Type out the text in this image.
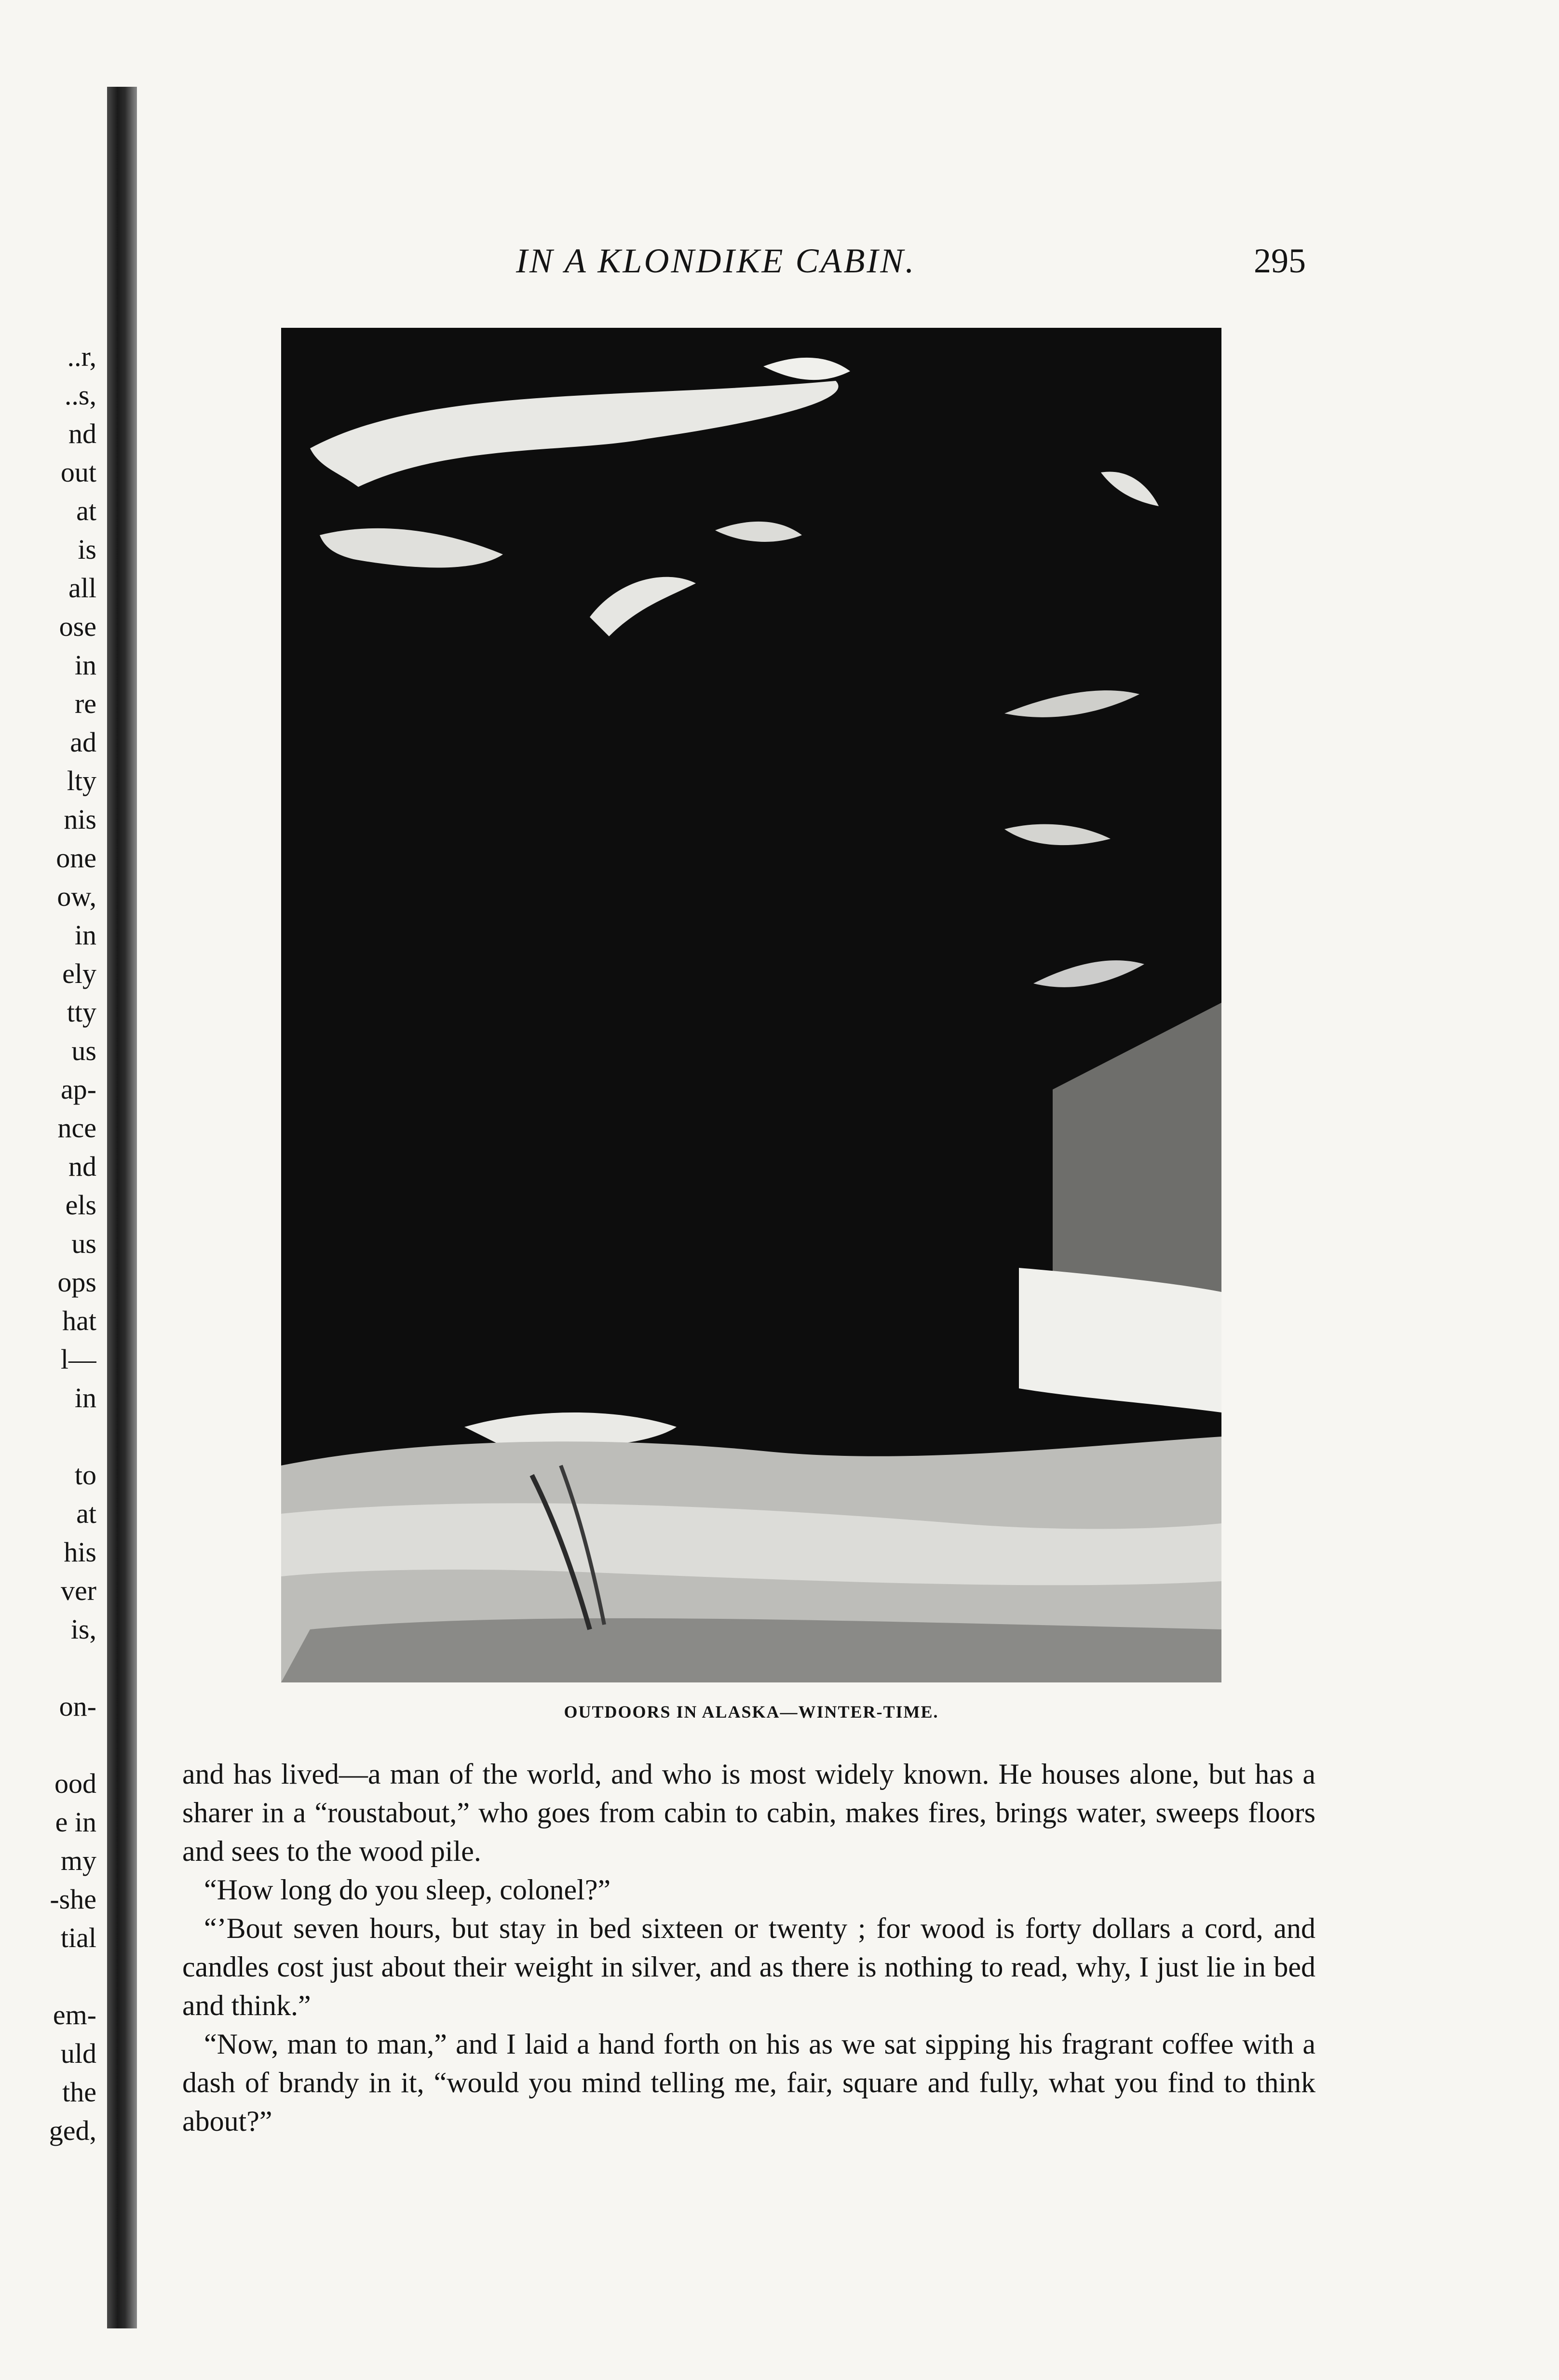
..r,
..s,
nd
out
at
is
all
ose
in
re
ad
lty
nis
one
ow,
in
ely
tty
us
ap-
nce
nd
els
us
ops
hat
l—
in
to
at
his
ver
is,
on-
ood
e in
my
-she
tial
em-
uld
the
ged,
IN A KLONDIKE CABIN.	295
OUTDOORS IN ALASKA—WINTER-TIME.

and has lived—a man of the world, and who is most widely known. He houses alone, but has a sharer in a “roustabout,” who goes from cabin to cabin, makes fires, brings water, sweeps floors and sees to the wood pile.

“How long do you sleep, colonel?”

“’Bout seven hours, but stay in bed sixteen or twenty ; for wood is forty dollars a cord, and candles cost just about their weight in silver, and as there is nothing to read, why, I just lie in bed and think.”

“Now, man to man,” and I laid a hand forth on his as we sat sipping his fragrant coffee with a dash of brandy in it, “would you mind telling me, fair, square and fully, what you find to think about?”
